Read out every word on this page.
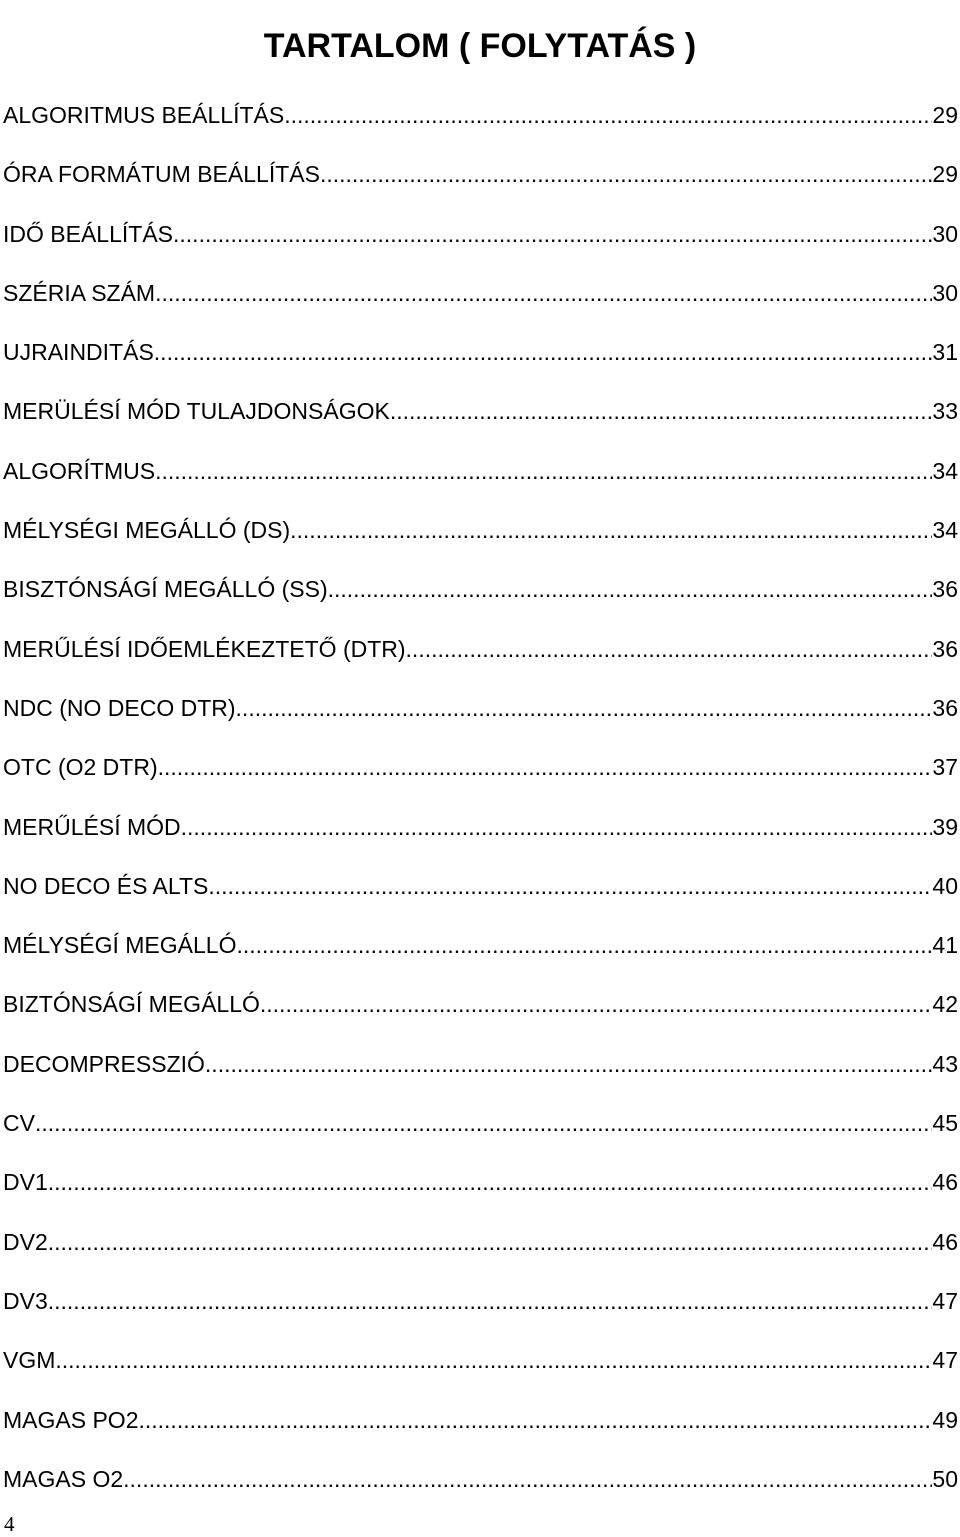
TARTALOM ( FOLYTATÁS )
ALGORITMUS BEÁLLÍTÁS .....	29
ÓRA FORMÁTUM BEÁLLÍTÁS .....	29
IDŐ BEÁLLÍTÁS .....	30
SZÉRIA SZÁM .....	30
UJRAINDITÁS .....	31
MERÜLÉSÍ MÓD TULAJDONSÁGOK .....	33
ALGORÍTMUS .....	34
MÉLYSÉGI MEGÁLLÓ (DS) .....	34
BISZTÓNSÁGÍ MEGÁLLÓ (SS) .....	36
MERŰLÉSÍ IDŐEMLÉKEZTETŐ (DTR) .....	36
NDC (NO DECO DTR) .....	36
OTC (O2 DTR) .....	37
MERŰLÉSÍ MÓD .....	39
NO DECO ÉS ALTS .....	40
MÉLYSÉGÍ MEGÁLLÓ .....	41
BIZTÓNSÁGÍ MEGÁLLÓ .....	42
DECOMPRESSZIÓ .....	43
CV .....	45
DV1 .....	46
DV2 .....	46
DV3 .....	47
VGM .....	47
MAGAS PO2 .....	49
MAGAS O2 .....	50
4
